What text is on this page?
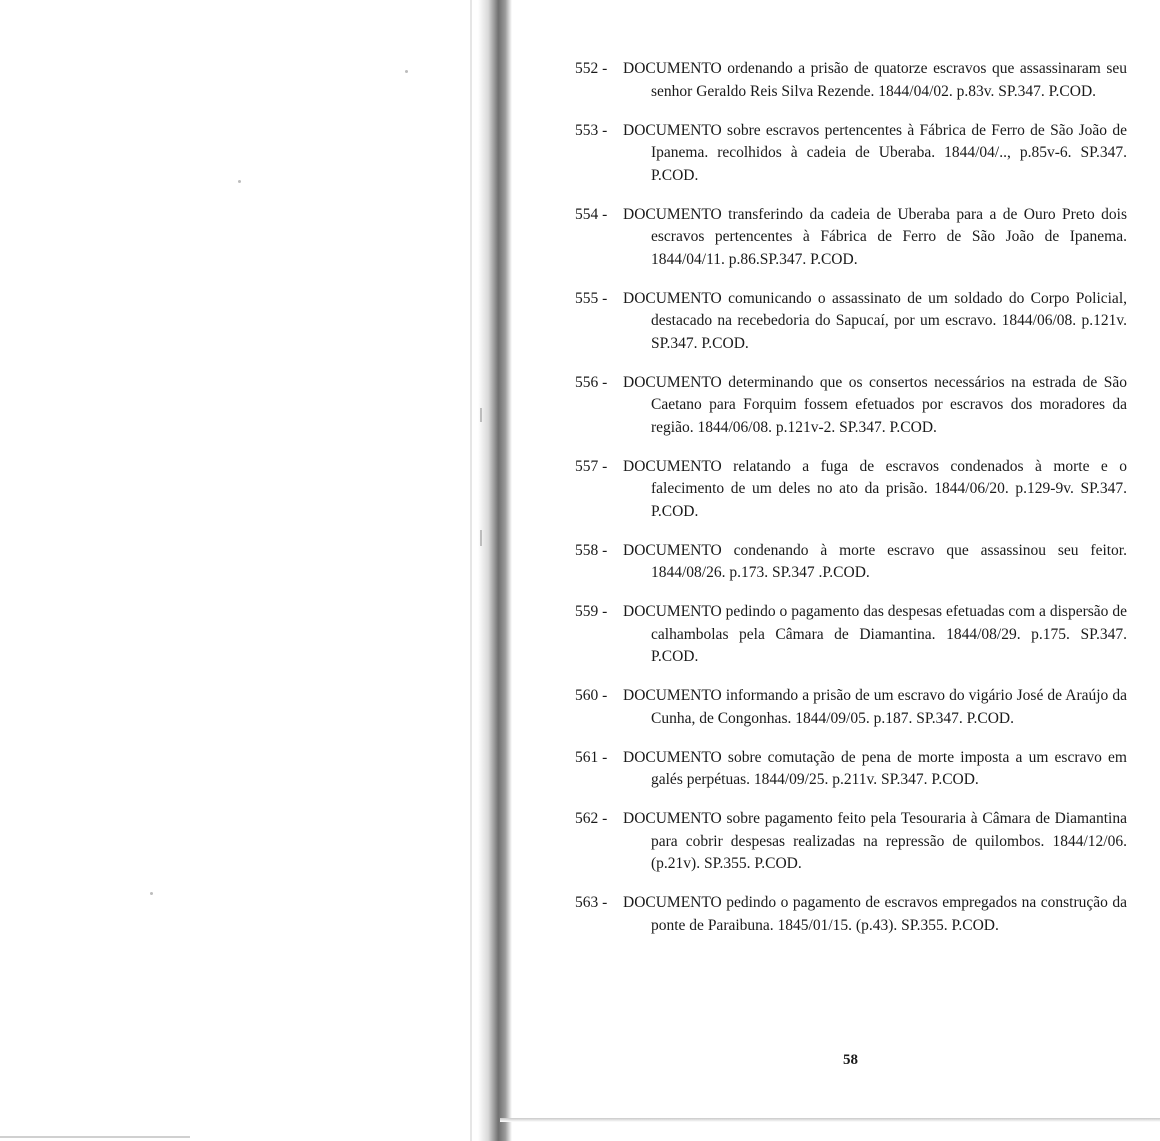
552 - DOCUMENTO ordenando a prisão de quatorze escravos que assassinaram seu senhor Geraldo Reis Silva Rezende. 1844/04/02. p.83v. SP.347. P.COD.
553 - DOCUMENTO sobre escravos pertencentes à Fábrica de Ferro de São João de Ipanema. recolhidos à cadeia de Uberaba. 1844/04/.., p.85v-6. SP.347. P.COD.
554 - DOCUMENTO transferindo da cadeia de Uberaba para a de Ouro Preto dois escravos pertencentes à Fábrica de Ferro de São João de Ipanema. 1844/04/11. p.86.SP.347. P.COD.
555 - DOCUMENTO comunicando o assassinato de um soldado do Corpo Policial, destacado na recebedoria do Sapucaí, por um escravo. 1844/06/08. p.121v. SP.347. P.COD.
556 - DOCUMENTO determinando que os consertos necessários na estrada de São Caetano para Forquim fossem efetuados por escravos dos moradores da região. 1844/06/08. p.121v-2. SP.347. P.COD.
557 - DOCUMENTO relatando a fuga de escravos condenados à morte e o falecimento de um deles no ato da prisão. 1844/06/20. p.129-9v. SP.347. P.COD.
558 - DOCUMENTO condenando à morte escravo que assassinou seu feitor. 1844/08/26. p.173. SP.347 .P.COD.
559 - DOCUMENTO pedindo o pagamento das despesas efetuadas com a dispersão de calhambolas pela Câmara de Diamantina. 1844/08/29. p.175. SP.347. P.COD.
560 - DOCUMENTO informando a prisão de um escravo do vigário José de Araújo da Cunha, de Congonhas. 1844/09/05. p.187. SP.347. P.COD.
561 - DOCUMENTO sobre comutação de pena de morte imposta a um escravo em galés perpétuas. 1844/09/25. p.211v. SP.347. P.COD.
562 - DOCUMENTO sobre pagamento feito pela Tesouraria à Câmara de Diamantina para cobrir despesas realizadas na repressão de quilombos. 1844/12/06. (p.21v). SP.355. P.COD.
563 - DOCUMENTO pedindo o pagamento de escravos empregados na construção da ponte de Paraibuna. 1845/01/15. (p.43). SP.355. P.COD.
58
